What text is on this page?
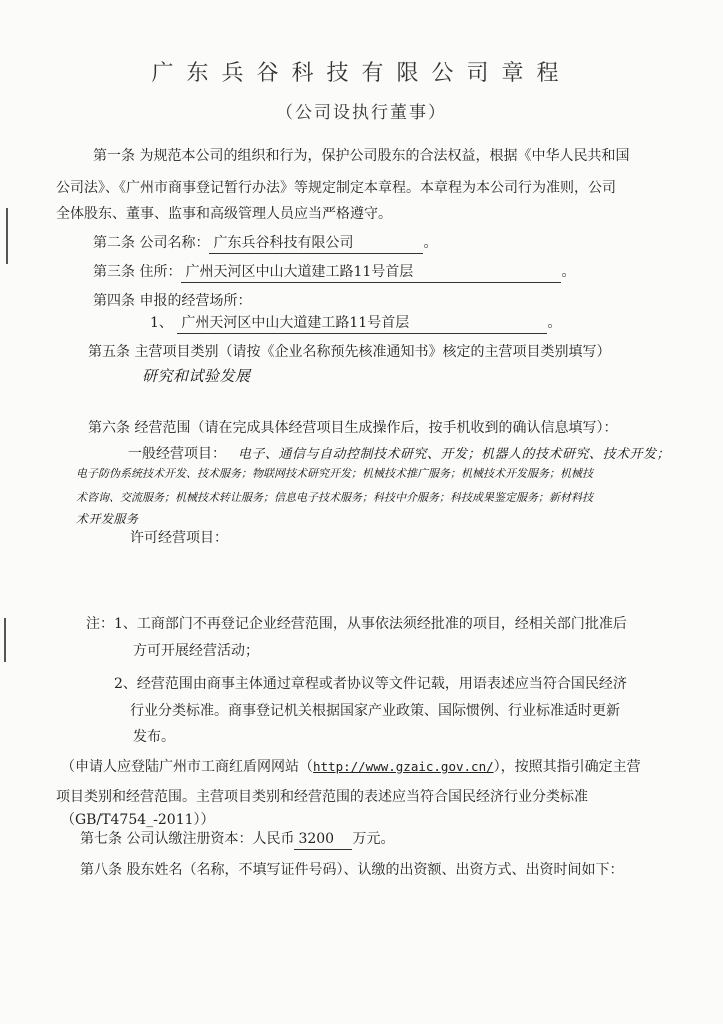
广东兵谷科技有限公司章程
（公司设执行董事）
第一条 为规范本公司的组织和行为，保护公司股东的合法权益，根据《中华人民共和国
公司法》、《广州市商事登记暂行办法》等规定制定本章程。本章程为本公司行为准则，公司
全体股东、董事、监事和高级管理人员应当严格遵守。
第二条 公司名称： 广东兵谷科技有限公司	。
第三条 住所： 广州天河区中山大道建工路11号首层	。
第四条 申报的经营场所：
1、 广州天河区中山大道建工路11号首层	。
第五条 主营项目类别（请按《企业名称预先核准通知书》核定的主营项目类别填写）
研究和试验发展
第六条 经营范围（请在完成具体经营项目生成操作后，按手机收到的确认信息填写）：
一般经营项目： 电子、通信与自动控制技术研究、开发；机器人的技术研究、技术开发；
电子防伪系统技术开发、技术服务；物联网技术研究开发；机械技术推广服务；机械技术开发服务；机械技
术咨询、交流服务；机械技术转让服务；信息电子技术服务；科技中介服务；科技成果鉴定服务；新材料技
术开发服务
许可经营项目：
注：1、工商部门不再登记企业经营范围，从事依法须经批准的项目，经相关部门批准后
方可开展经营活动；
2、经营范围由商事主体通过章程或者协议等文件记载，用语表述应当符合国民经济
行业分类标准。商事登记机关根据国家产业政策、国际惯例、行业标准适时更新
发布。
（申请人应登陆广州市工商红盾网网站（http://www.gzaic.gov.cn/），按照其指引确定主营
项目类别和经营范围。主营项目类别和经营范围的表述应当符合国民经济行业分类标准
（GB/T4754_-2011））
第七条 公司认缴注册资本：人民币 3200 万元。
第八条 股东姓名（名称，不填写证件号码）、认缴的出资额、出资方式、出资时间如下：
